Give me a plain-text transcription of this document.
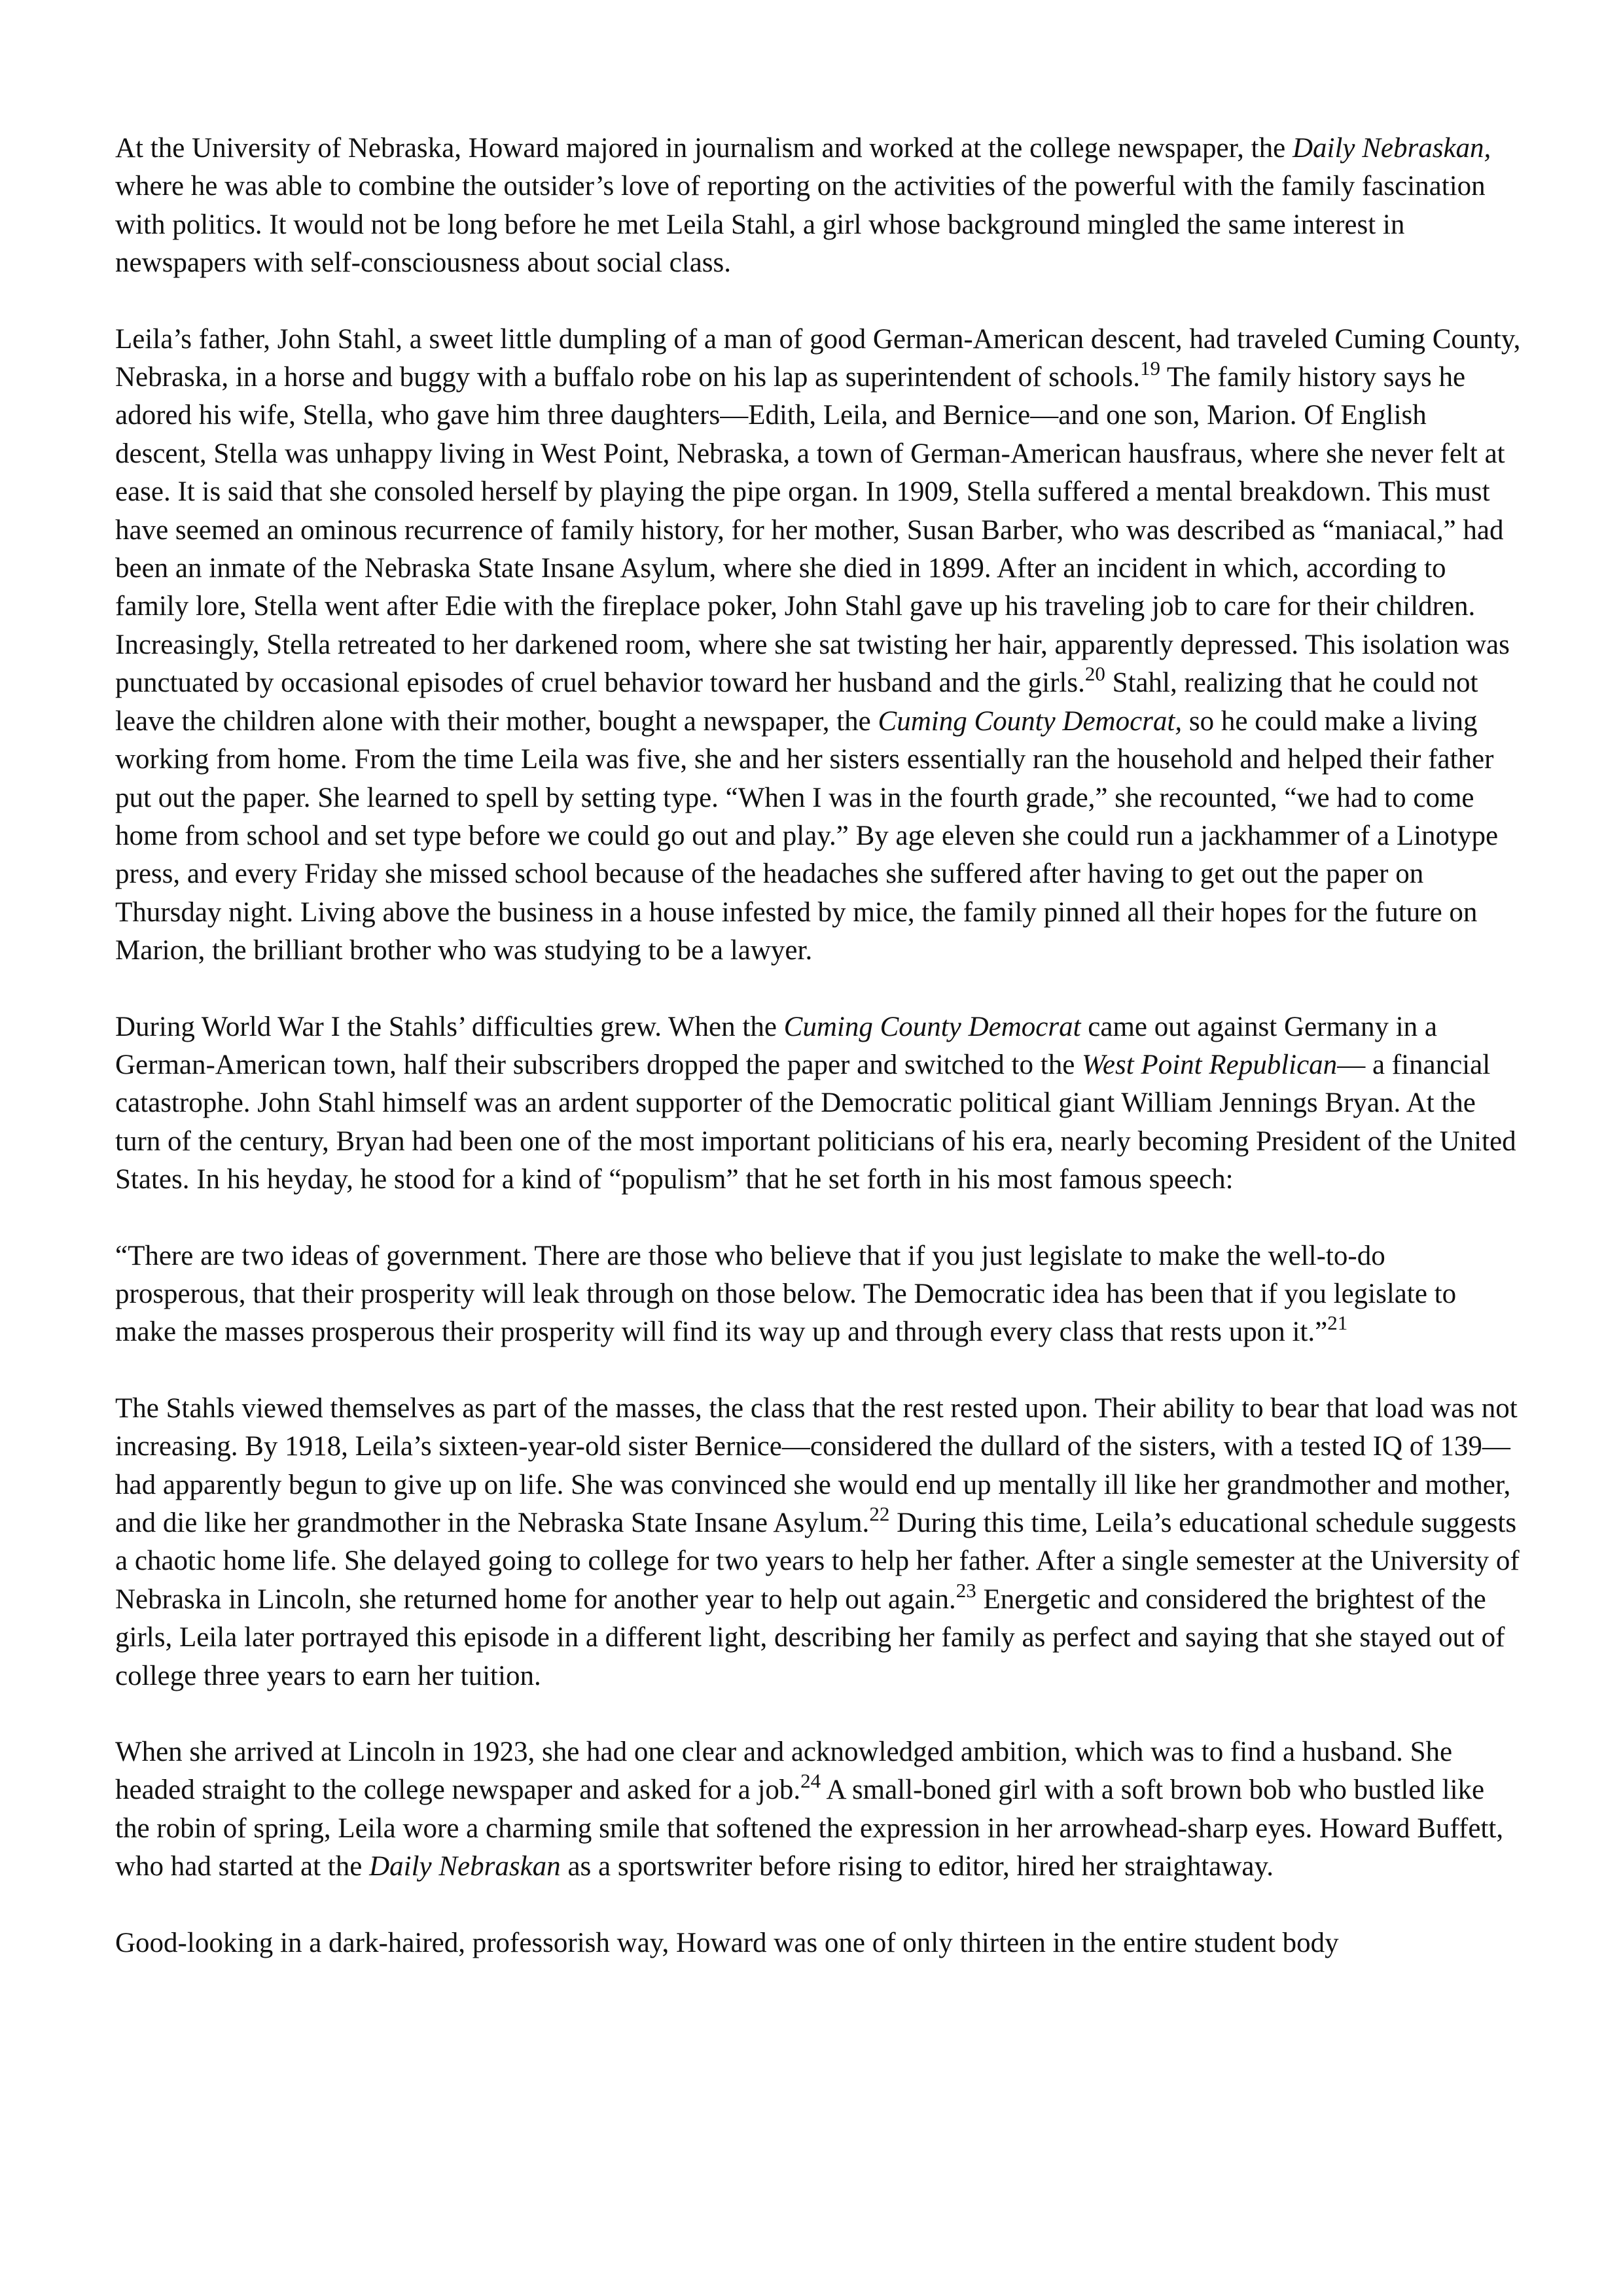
At the University of Nebraska, Howard majored in journalism and worked at the college newspaper, the Daily Nebraskan, where he was able to combine the outsider’s love of reporting on the activities of the powerful with the family fascination with politics. It would not be long before he met Leila Stahl, a girl whose background mingled the same interest in newspapers with self-consciousness about social class.

Leila’s father, John Stahl, a sweet little dumpling of a man of good German-American descent, had traveled Cuming County, Nebraska, in a horse and buggy with a buffalo robe on his lap as superintendent of schools.$^{19}$ The family history says he adored his wife, Stella, who gave him three daughters—Edith, Leila, and Bernice—and one son, Marion. Of English descent, Stella was unhappy living in West Point, Nebraska, a town of German-American hausfraus, where she never felt at ease. It is said that she consoled herself by playing the pipe organ. In 1909, Stella suffered a mental breakdown. This must have seemed an ominous recurrence of family history, for her mother, Susan Barber, who was described as “maniacal,” had been an inmate of the Nebraska State Insane Asylum, where she died in 1899. After an incident in which, according to family lore, Stella went after Edie with the fireplace poker, John Stahl gave up his traveling job to care for their children. Increasingly, Stella retreated to her darkened room, where she sat twisting her hair, apparently depressed. This isolation was punctuated by occasional episodes of cruel behavior toward her husband and the girls.$^{20}$ Stahl, realizing that he could not leave the children alone with their mother, bought a newspaper, the Cuming County Democrat, so he could make a living working from home. From the time Leila was five, she and her sisters essentially ran the household and helped their father put out the paper. She learned to spell by setting type. “When I was in the fourth grade,” she recounted, “we had to come home from school and set type before we could go out and play.” By age eleven she could run a jackhammer of a Linotype press, and every Friday she missed school because of the headaches she suffered after having to get out the paper on Thursday night. Living above the business in a house infested by mice, the family pinned all their hopes for the future on Marion, the brilliant brother who was studying to be a lawyer.

During World War I the Stahls’ difficulties grew. When the Cuming County Democrat came out against Germany in a German-American town, half their subscribers dropped the paper and switched to the West Point Republican— a financial catastrophe. John Stahl himself was an ardent supporter of the Democratic political giant William Jennings Bryan. At the turn of the century, Bryan had been one of the most important politicians of his era, nearly becoming President of the United States. In his heyday, he stood for a kind of “populism” that he set forth in his most famous speech:

“There are two ideas of government. There are those who believe that if you just legislate to make the well-to-do prosperous, that their prosperity will leak through on those below. The Democratic idea has been that if you legislate to make the masses prosperous their prosperity will find its way up and through every class that rests upon it.”$^{21}$

The Stahls viewed themselves as part of the masses, the class that the rest rested upon. Their ability to bear that load was not increasing. By 1918, Leila’s sixteen-year-old sister Bernice—considered the dullard of the sisters, with a tested IQ of 139—had apparently begun to give up on life. She was convinced she would end up mentally ill like her grandmother and mother, and die like her grandmother in the Nebraska State Insane Asylum.$^{22}$ During this time, Leila’s educational schedule suggests a chaotic home life. She delayed going to college for two years to help her father. After a single semester at the University of Nebraska in Lincoln, she returned home for another year to help out again.$^{23}$ Energetic and considered the brightest of the girls, Leila later portrayed this episode in a different light, describing her family as perfect and saying that she stayed out of college three years to earn her tuition.

When she arrived at Lincoln in 1923, she had one clear and acknowledged ambition, which was to find a husband. She headed straight to the college newspaper and asked for a job.$^{24}$ A small-boned girl with a soft brown bob who bustled like the robin of spring, Leila wore a charming smile that softened the expression in her arrowhead-sharp eyes. Howard Buffett, who had started at the Daily Nebraskan as a sportswriter before rising to editor, hired her straightaway.

Good-looking in a dark-haired, professorish way, Howard was one of only thirteen in the entire student body
